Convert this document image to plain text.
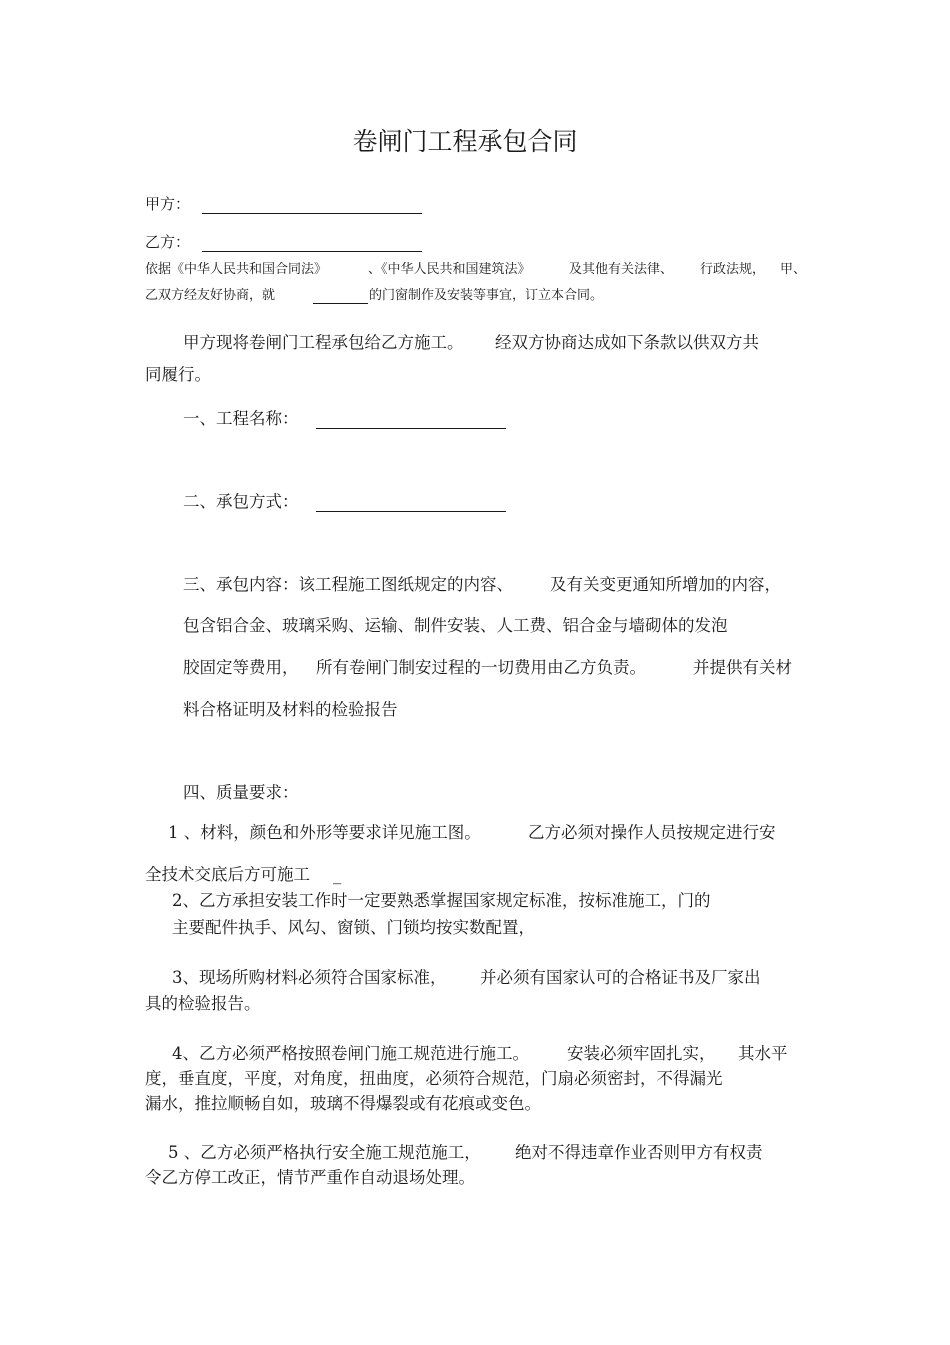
卷闸门工程承包合同
甲方：
乙方：
依据《中华人民共和国合同法》	、《中华人民共和国建筑法》	及其他有关法律、 行政法规， 甲、
乙双方经友好协商，就	的门窗制作及安装等事宜，订立本合同。
甲方现将卷闸门工程承包给乙方施工。 经双方协商达成如下条款以供双方共
同履行。
一、工程名称：
二、承包方式：
三、承包内容：该工程施工图纸规定的内容、 及有关变更通知所增加的内容，
包含铝合金、玻璃采购、运输、制件安装、人工费、铝合金与墙砌体的发泡
胶固定等费用， 所有卷闸门制安过程的一切费用由乙方负责。	并提供有关材
料合格证明及材料的检验报告
四、质量要求：
1 、材料，颜色和外形等要求详见施工图。	乙方必须对操作人员按规定进行安
全技术交底后方可施工 _
2、乙方承担安装工作时一定要熟悉掌握国家规定标准，按标准施工，门的
主要配件执手、风勾、窗锁、门锁均按实数配置，
3、现场所购材料必须符合国家标准， 并必须有国家认可的合格证书及厂家出
具的检验报告。
4、乙方必须严格按照卷闸门施工规范进行施工。 安装必须牢固扎实， 其水平
度，垂直度，平度，对角度，扭曲度，必须符合规范，门扇必须密封，不得漏光
漏水，推拉顺畅自如，玻璃不得爆裂或有花痕或变色。
5 、乙方必须严格执行安全施工规范施工， 绝对不得违章作业否则甲方有权责
令乙方停工改正，情节严重作自动退场处理。
